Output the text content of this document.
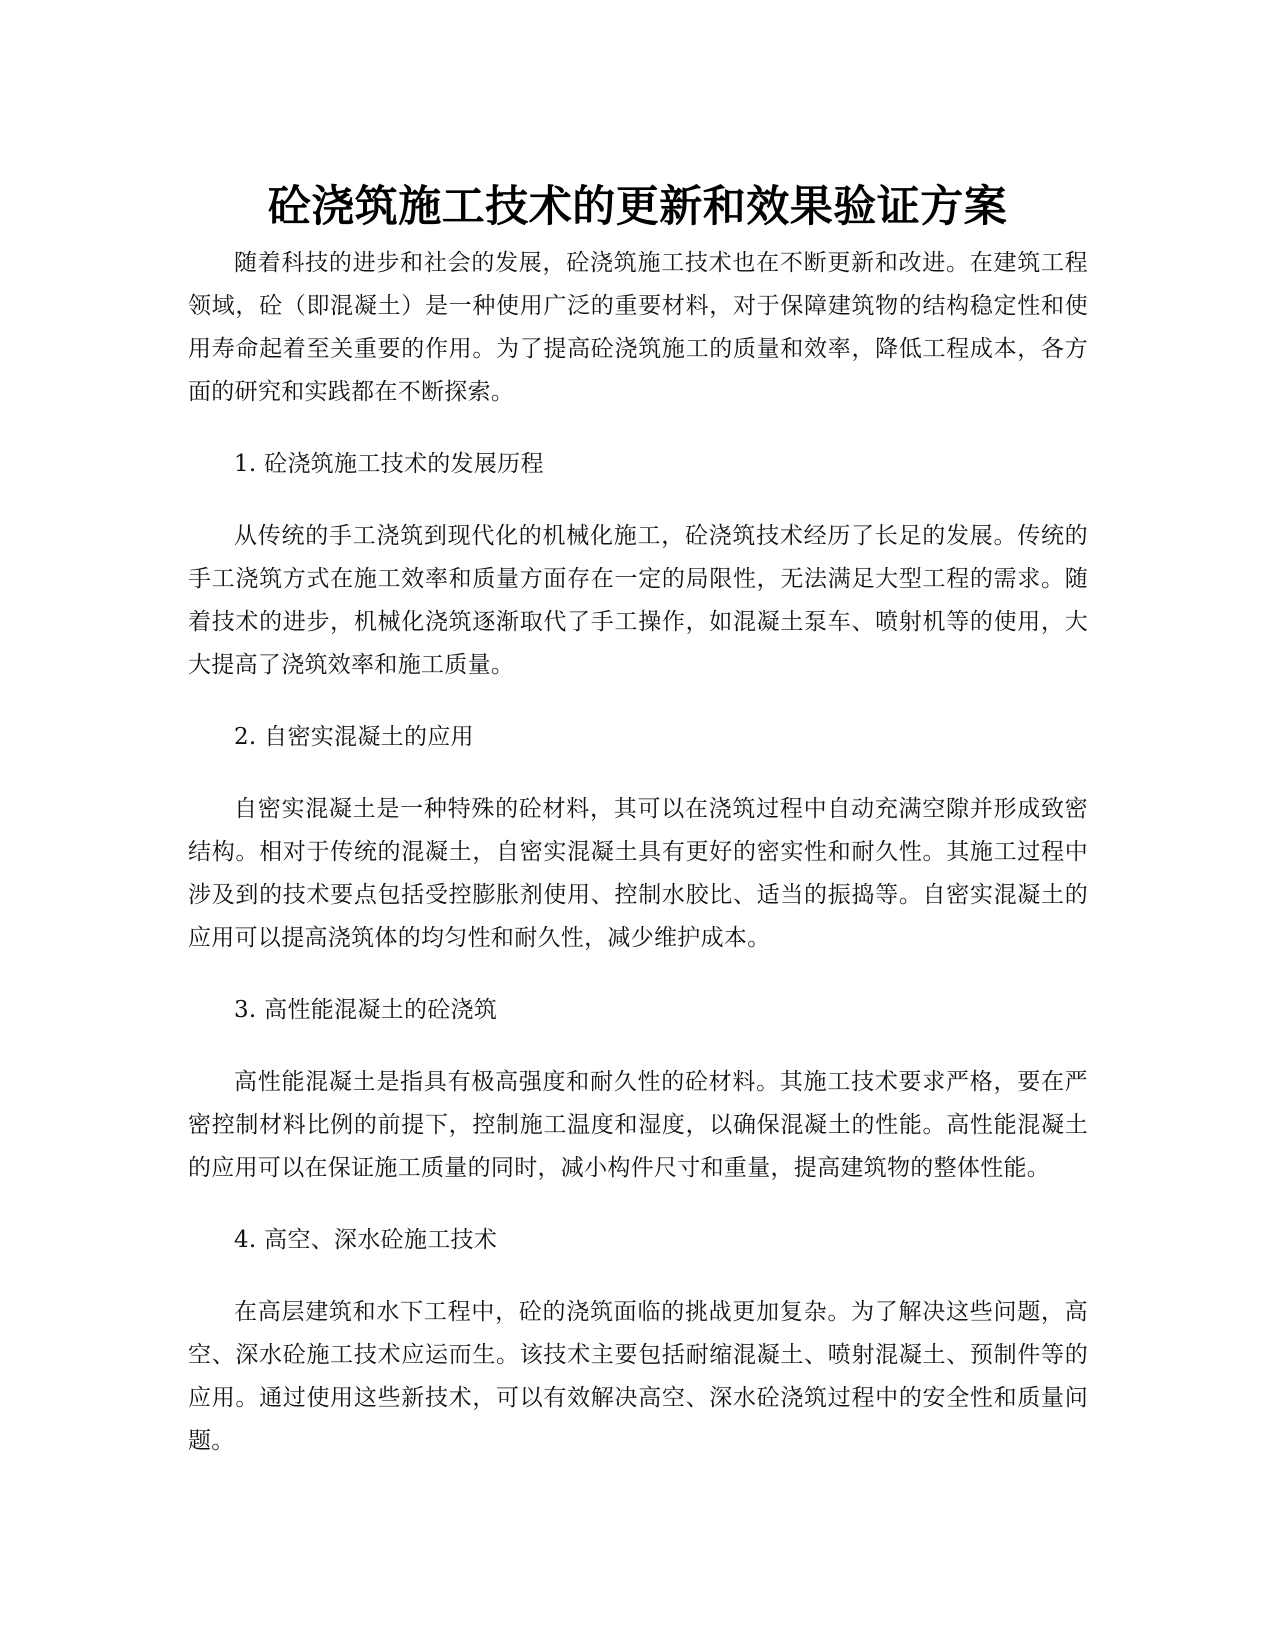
砼浇筑施工技术的更新和效果验证方案

随着科技的进步和社会的发展，砼浇筑施工技术也在不断更新和改进。在建筑工程领域，砼（即混凝土）是一种使用广泛的重要材料，对于保障建筑物的结构稳定性和使用寿命起着至关重要的作用。为了提高砼浇筑施工的质量和效率，降低工程成本，各方面的研究和实践都在不断探索。

1. 砼浇筑施工技术的发展历程

从传统的手工浇筑到现代化的机械化施工，砼浇筑技术经历了长足的发展。传统的手工浇筑方式在施工效率和质量方面存在一定的局限性，无法满足大型工程的需求。随着技术的进步，机械化浇筑逐渐取代了手工操作，如混凝土泵车、喷射机等的使用，大大提高了浇筑效率和施工质量。

2. 自密实混凝土的应用

自密实混凝土是一种特殊的砼材料，其可以在浇筑过程中自动充满空隙并形成致密结构。相对于传统的混凝土，自密实混凝土具有更好的密实性和耐久性。其施工过程中涉及到的技术要点包括受控膨胀剂使用、控制水胶比、适当的振捣等。自密实混凝土的应用可以提高浇筑体的均匀性和耐久性，减少维护成本。

3. 高性能混凝土的砼浇筑

高性能混凝土是指具有极高强度和耐久性的砼材料。其施工技术要求严格，要在严密控制材料比例的前提下，控制施工温度和湿度，以确保混凝土的性能。高性能混凝土的应用可以在保证施工质量的同时，减小构件尺寸和重量，提高建筑物的整体性能。

4. 高空、深水砼施工技术

在高层建筑和水下工程中，砼的浇筑面临的挑战更加复杂。为了解决这些问题，高空、深水砼施工技术应运而生。该技术主要包括耐缩混凝土、喷射混凝土、预制件等的应用。通过使用这些新技术，可以有效解决高空、深水砼浇筑过程中的安全性和质量问题。
